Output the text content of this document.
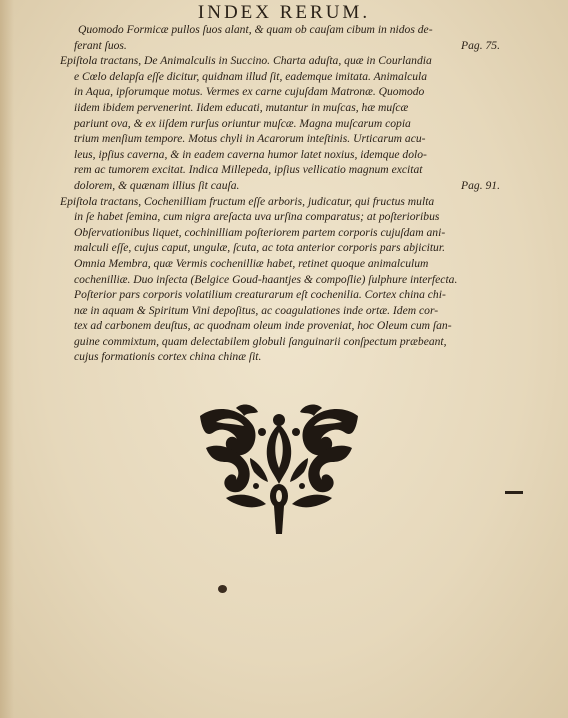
INDEX RERUM.
Quomodo Formicæ pullos ſuos alant, & quam ob cauſam cibum in nidos de-
ferant ſuos.	Pag. 75.
Epiſtola tractans, De Animalculis in Succino. Charta aduſta, quæ in Courlandia
e Cœlo delapſa eſſe dicitur, quidnam illud ſit, eademque imitata. Animalcula
in Aqua, ipſorumque motus. Vermes ex carne cujuſdam Matronæ. Quomodo
iidem ibidem pervenerint. Iidem educati, mutantur in muſcas, hæ muſcæ
pariunt ova, & ex iiſdem rurſus oriuntur muſcæ. Magna muſcarum copia
trium menſium tempore. Motus chyli in Acarorum inteſtinis. Urticarum acu-
leus, ipſius caverna, & in eadem caverna humor latet noxius, idemque dolo-
rem ac tumorem excitat. Indica Millepeda, ipſius vellicatio magnum excitat
dolorem, & quænam illius ſit cauſa.	Pag. 91.
Epiſtola tractans, Cochenilliam fructum eſſe arboris, judicatur, qui fructus multa
in ſe habet ſemina, cum nigra areſacta uva urſina comparatus; at poſterioribus
Obſervationibus liquet, cochinilliam poſteriorem partem corporis cujuſdam ani-
malculi eſſe, cujus caput, ungulæ, ſcuta, ac tota anterior corporis pars abjicitur.
Omnia Membra, quæ Vermis cochenilliæ habet, retinet quoque animalculum
cochenilliæ. Duo inſecta (Belgice Goud-haantjes & compoſlie) ſulphure interfecta.
Poſterior pars corporis volatilium creaturarum eſt cochenilia. Cortex china chi-
næ in aquam & Spiritum Vini depoſitus, ac coagulationes inde ortæ. Idem cor-
tex ad carbonem deuſtus, ac quodnam oleum inde proveniat, hoc Oleum cum ſan-
guine commixtum, quam delectabilem globuli ſanguinarii conſpectum præbeant,
cujus formationis cortex china chinæ ſit.
